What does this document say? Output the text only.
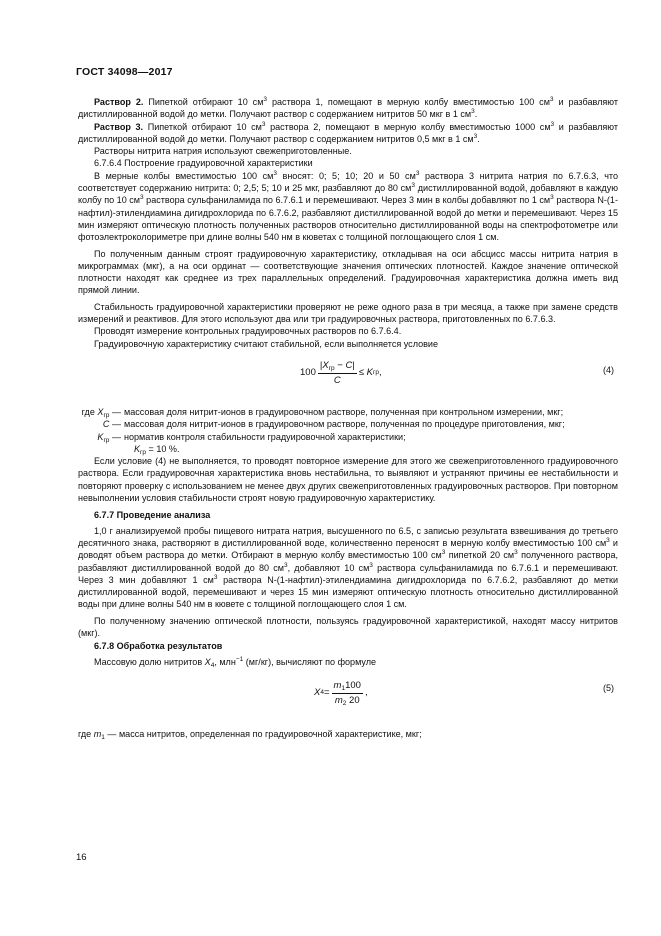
ГОСТ 34098—2017

Раствор 2. Пипеткой отбирают 10 $см^3$ раствора 1, помещают в мерную колбу вместимостью 100 $см^3$ и разбавляют дистиллированной водой до метки. Получают раствор с содержанием нитритов 50 мкг в 1 $см^3$.

Раствор 3. Пипеткой отбирают 10 $см^3$ раствора 2, помещают в мерную колбу вместимостью 1000 $см^3$ и разбавляют дистиллированной водой до метки. Получают раствор с содержанием нитритов 0,5 мкг в 1 $см^3$.

Растворы нитрита натрия используют свежеприготовленные.

6.7.6.4 Построение градуировочной характеристики

В мерные колбы вместимостью 100 $см^3$ вносят: 0; 5; 10; 20 и 50 $см^3$ раствора 3 нитрита натрия по 6.7.6.3, что соответствует содержанию нитрита: 0; 2,5; 5; 10 и 25 мкг, разбавляют до 80 $см^3$ дистиллированной водой, добавляют в каждую колбу по 10 $см^3$ раствора сульфаниламида по 6.7.6.1 и перемешивают. Через 3 мин в колбы добавляют по 1 $см^3$ раствора N-(1-нафтил)-этилендиамина дигидрохлорида по 6.7.6.2, разбавляют дистиллированной водой до метки и перемешивают. Через 15 мин измеряют оптическую плотность полученных растворов относительно дистиллированной воды на спектрофотометре или фотоэлектроколориметре при длине волны 540 нм в кюветах с толщиной поглощающего слоя 1 см.

По полученным данным строят градуировочную характеристику, откладывая на оси абсцисс массы нитрита натрия в микрограммах (мкг), а на оси ординат — соответствующие значения оптических плотностей. Каждое значение оптической плотности находят как среднее из трех параллельных определений. Градуировочная характеристика должна иметь вид прямой линии.

Стабильность градуировочной характеристики проверяют не реже одного раза в три месяца, а также при замене средств измерений и реактивов. Для этого используют два или три градуировочных раствора, приготовленных по 6.7.6.3.

Проводят измерение контрольных градуировочных растворов по 6.7.6.4.

Градуировочную характеристику считают стабильной, если выполняется условие

$100 \frac{|X_{гр} - C|}{C} \le K$ гр ,	(4)
где $X_{гр}$ — массовая доля нитрит-ионов в градуировочном растворе, полученная при контрольном измерении, мкг;
C — массовая доля нитрит-ионов в градуировочном растворе, полученная по процедуре приготовления, мкг;
$K_{гр}$ — норматив контроля стабильности градуировочной характеристики;
$K_{гр} = 10$ %.

Если условие (4) не выполняется, то проводят повторное измерение для этого же свежеприготовленного градуировочного раствора. Если градуировочная характеристика вновь нестабильна, то выявляют и устраняют причины ее нестабильности и повторяют проверку с использованием не менее двух других свежеприготовленных градуировочных растворов. При повторном невыполнении условия стабильности строят новую градуировочную характеристику.

6.7.7 Проведение анализа

1,0 г анализируемой пробы пищевого нитрата натрия, высушенного по 6.5, с записью результата взвешивания до третьего десятичного знака, растворяют в дистиллированной воде, количественно переносят в мерную колбу вместимостью 100 $см^3$ и доводят объем раствора до метки. Отбирают в мерную колбу вместимостью 100 $см^3$ пипеткой 20 $см^3$ полученного раствора, разбавляют дистиллированной водой до 80 $см^3$, добавляют 10 $см^3$ раствора сульфаниламида по 6.7.6.1 и перемешивают. Через 3 мин добавляют 1 $см^3$ раствора N-(1-нафтил)-этилендиамина дигидрохлорида по 6.7.6.2, разбавляют до метки дистиллированной водой, перемешивают и через 15 мин измеряют оптическую плотность относительно дистиллированной воды при длине волны 540 нм в кювете с толщиной поглощающего слоя 1 см.

По полученному значению оптической плотности, пользуясь градуировочной характеристикой, находят массу нитритов (мкг).

6.7.8 Обработка результатов

Массовую долю нитритов $X_4$, млн$^{-1}$ (мг/кг), вычисляют по формуле

X $4 = \frac{m_1100}{m_2 20}$ ,	(5)

где $m_1$ — масса нитритов, определенная по градуировочной характеристике, мкг;

16
